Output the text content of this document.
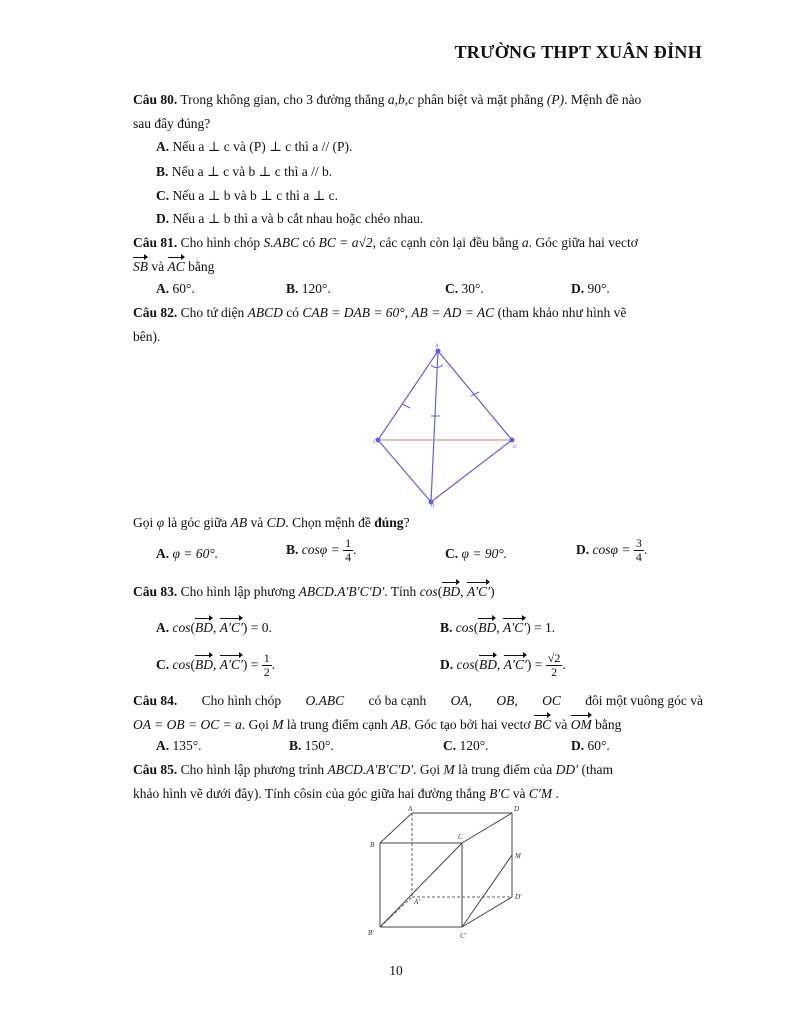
TRƯỜNG THPT XUÂN ĐỈNH
Câu 80. Trong không gian, cho 3 đường thẳng a,b,c phân biệt và mặt phẳng (P). Mệnh đề nào
sau đây đúng?
A. Nếu a ⊥ c và (P) ⊥ c thì a // (P).
B. Nếu a ⊥ c và b ⊥ c thì a // b.
C. Nếu a ⊥ b và b ⊥ c thì a ⊥ c.
D. Nếu a ⊥ b thì a và b cắt nhau hoặc chéo nhau.
Câu 81. Cho hình chóp S.ABC có BC = a√2, các cạnh còn lại đều bằng a. Góc giữa hai vectơ
SB và AC bằng
A. 60°.	B. 120°.	C. 30°.	D. 90°.
Câu 82. Cho tứ diện ABCD có CAB = DAB = 60°, AB = AD = AC (tham khảo như hình vẽ
bên).
A
C
D
B
Gọi φ là góc giữa AB và CD. Chọn mệnh đề đúng?
A. φ = 60°.	B. $\cos\varphi = \frac{1}{4}$ .	C. φ = 90°.	D. $\cos\varphi = \frac{3}{4}$ .
Câu 83. Cho hình lập phương ABCD.A′B′C′D′. Tính cos(BD, A′C′)
A. cos(BD, A′C′) = 0.	B. cos(BD, A′C′) = 1.
C. cos(BD, $A'C') = \frac{1}{2}$ .	D. cos(BD, $A'C') = \frac{√2}{2}$ .
Câu 84. Cho hình chóp O.ABC có ba cạnh OA, OB, OC đôi một vuông góc và
OA = OB = OC = a. Gọi M là trung điểm cạnh AB. Góc tạo bởi hai vectơ BC và OM bằng
A. 135°.	B. 150°.	C. 120°.	D. 60°.
Câu 85. Cho hình lập phương trình ABCD.A′B′C′D′. Gọi M là trung điểm của DD′ (tham
khảo hình vẽ dưới đây). Tính côsin của góc giữa hai đường thẳng B′C và C′M .
A	D
B
C
M
A'
D'
B'	C'
10
